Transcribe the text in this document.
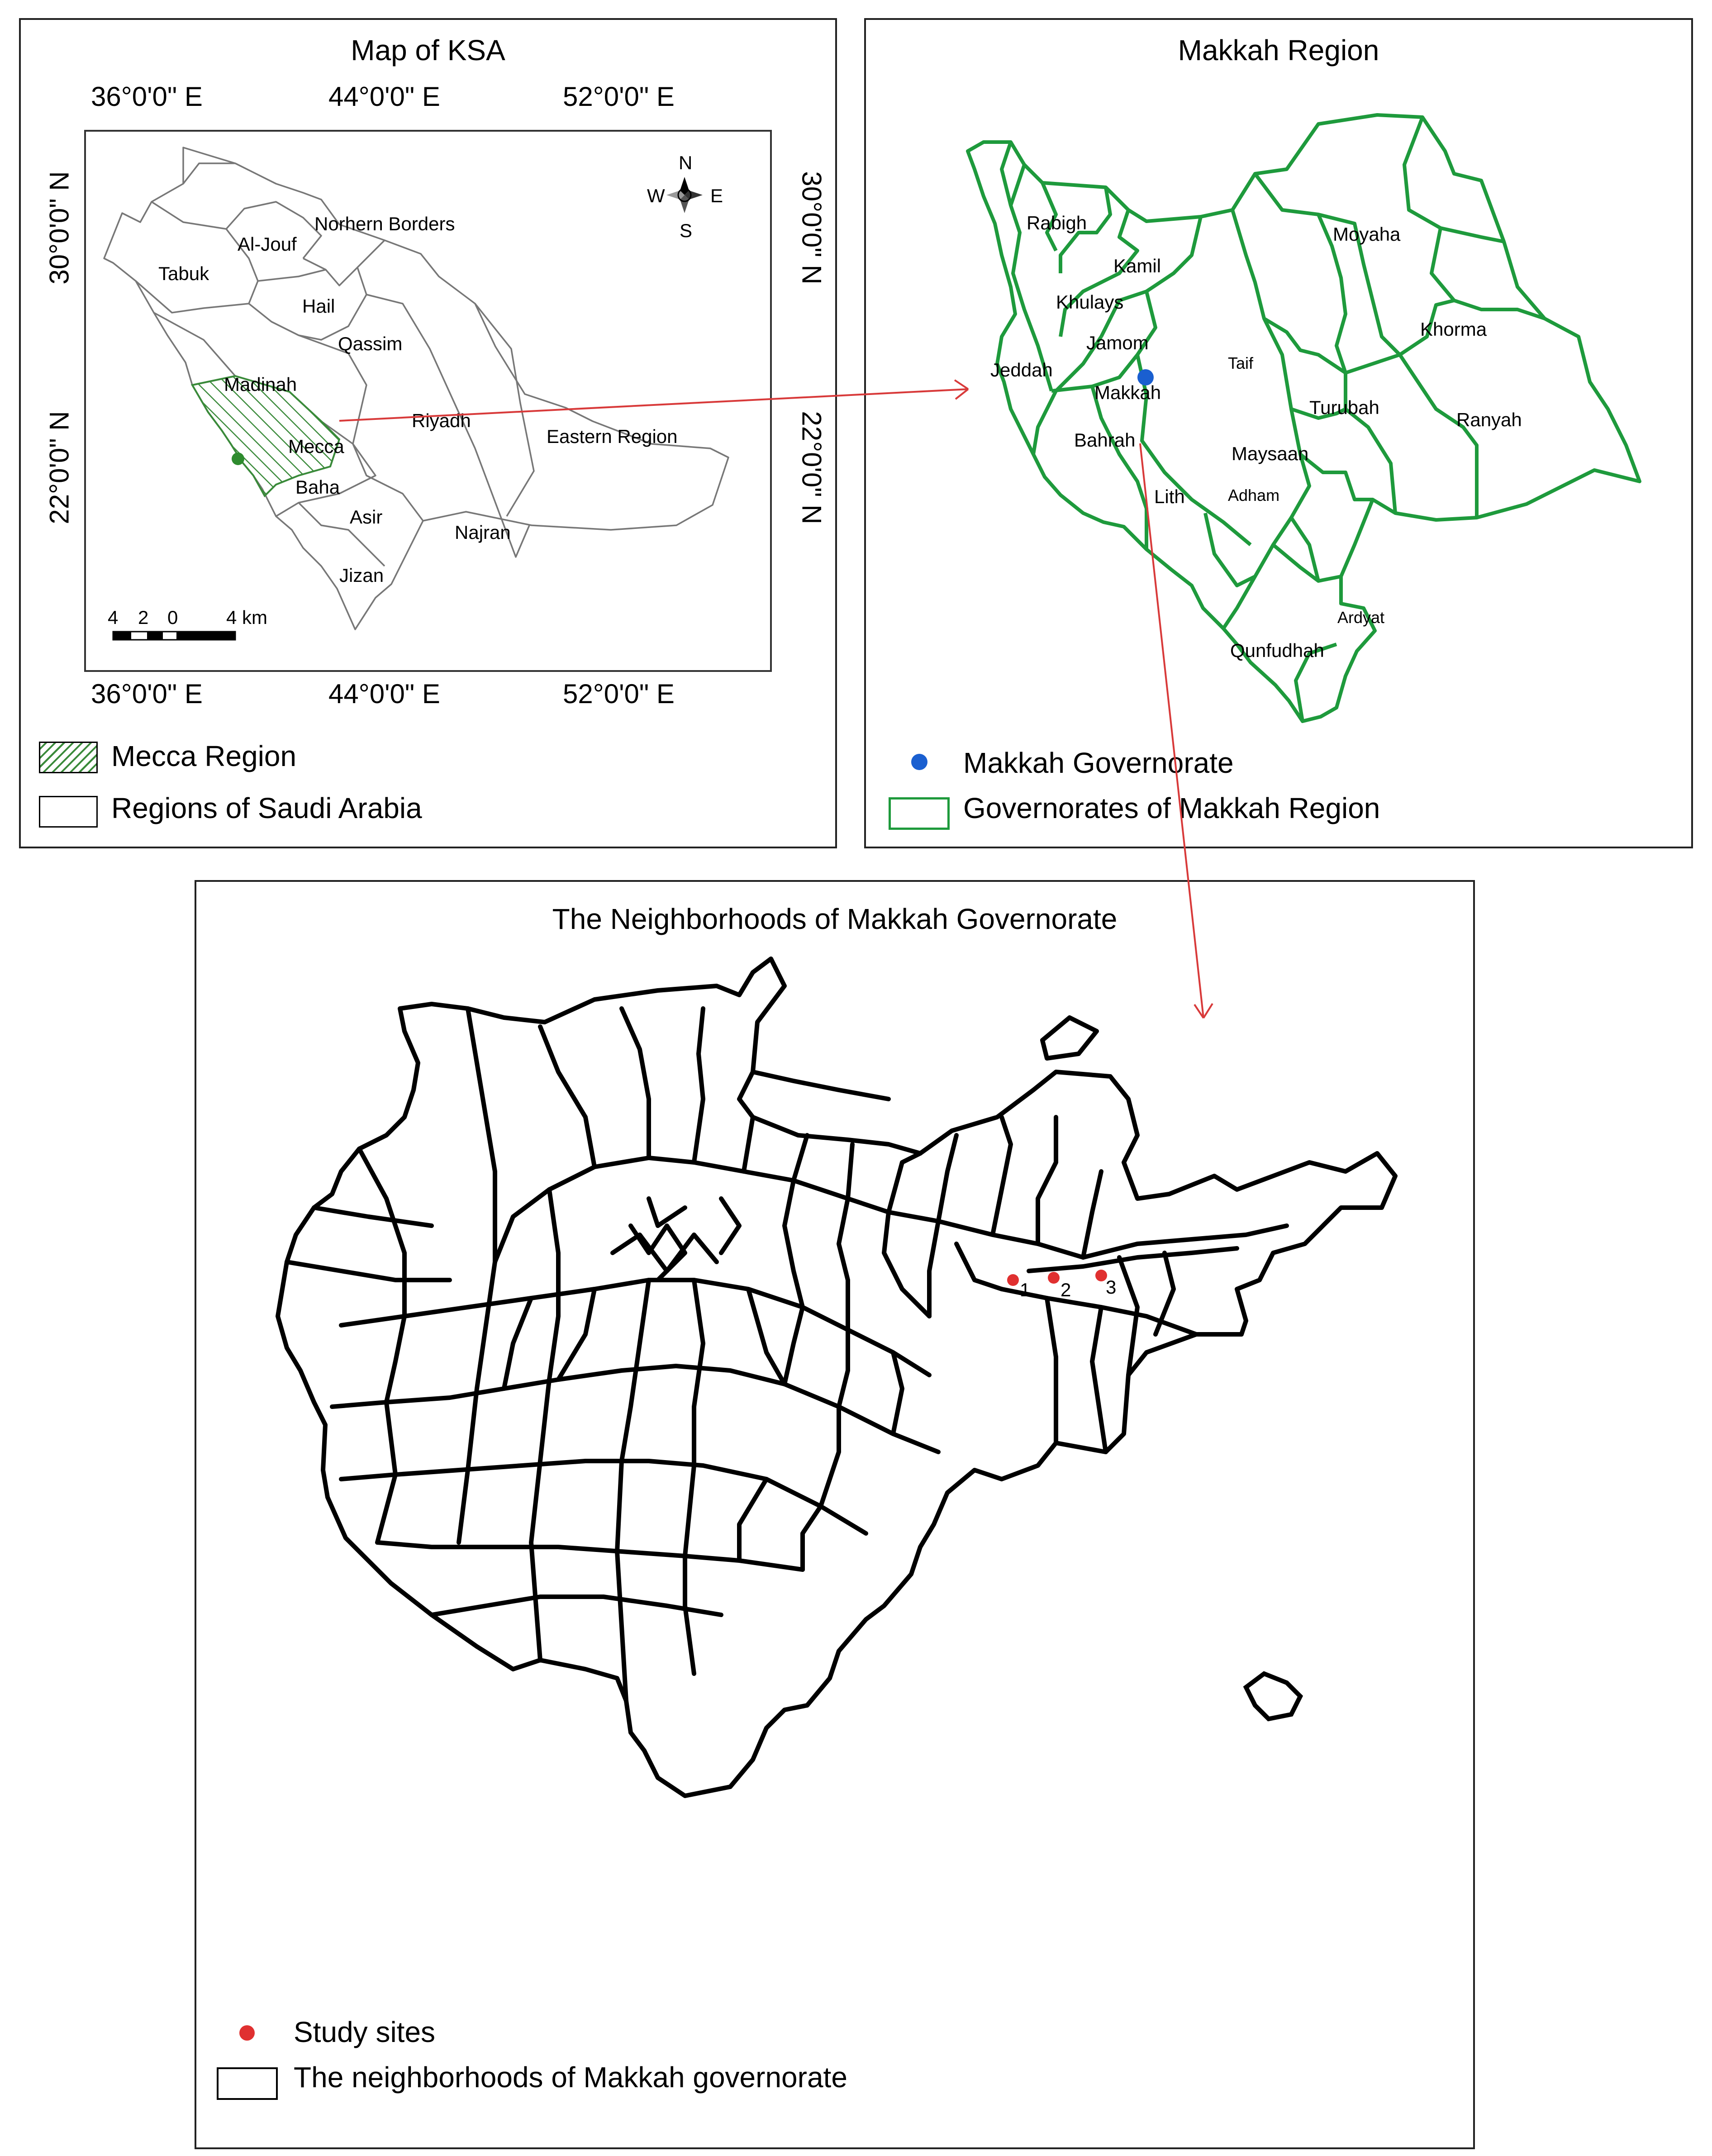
Map of KSA
36°0'0" E	44°0'0" E	52°0'0" E
36°0'0" E	44°0'0" E	52°0'0" E
30°0'0" N
22°0'0" N
30°0'0" N
22°0'0" N
Al-Jouf
Norhern Borders
Tabuk
Hail
Qassim
Madinah
Riyadh
Eastern Region
Mecca
Baha
Asir
Najran
Jizan
N
S
E
W
4 2 0	4 km
Mecca Region
Regions of Saudi Arabia
Makkah Region
Rabigh
Kamil
Khulays
Jamom
Jeddah
Makkah
Taif
Moyaha
Khorma
Turubah
Ranyah
Bahrah
Maysaan
Adham
Lith
Ardyat
Qunfudhah
Makkah Governorate
Governorates of Makkah Region
The Neighborhoods of Makkah Governorate
1 2 3
Study sites
The neighborhoods of Makkah governorate
